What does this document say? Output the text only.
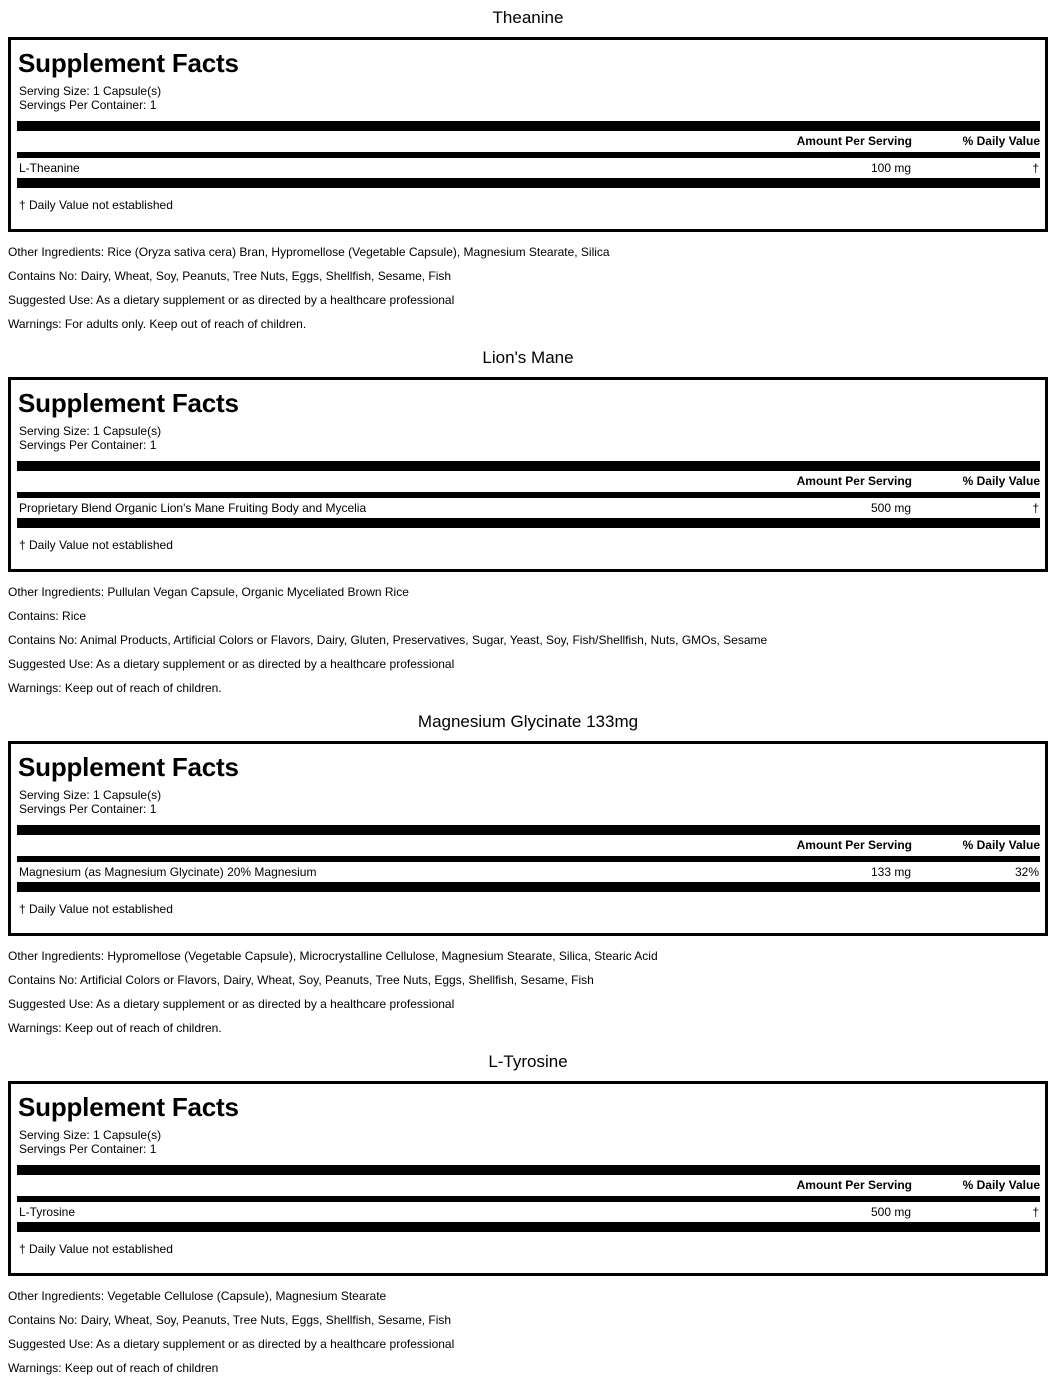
Theanine
Supplement Facts
Serving Size: 1 Capsule(s)
Servings Per Container: 1
	Amount Per Serving	% Daily Value
L-Theanine	100 mg	†
† Daily Value not established
Other Ingredients: Rice (Oryza sativa cera) Bran, Hypromellose (Vegetable Capsule), Magnesium Stearate, Silica
Contains No: Dairy, Wheat, Soy, Peanuts, Tree Nuts, Eggs, Shellfish, Sesame, Fish
Suggested Use: As a dietary supplement or as directed by a healthcare professional
Warnings: For adults only. Keep out of reach of children.
Lion's Mane
Supplement Facts
Serving Size: 1 Capsule(s)
Servings Per Container: 1
	Amount Per Serving	% Daily Value
Proprietary Blend Organic Lion's Mane Fruiting Body and Mycelia	500 mg	†
† Daily Value not established
Other Ingredients: Pullulan Vegan Capsule, Organic Myceliated Brown Rice
Contains: Rice
Contains No: Animal Products, Artificial Colors or Flavors, Dairy, Gluten, Preservatives, Sugar, Yeast, Soy, Fish/Shellfish, Nuts, GMOs, Sesame
Suggested Use: As a dietary supplement or as directed by a healthcare professional
Warnings: Keep out of reach of children.
Magnesium Glycinate 133mg
Supplement Facts
Serving Size: 1 Capsule(s)
Servings Per Container: 1
	Amount Per Serving	% Daily Value
Magnesium (as Magnesium Glycinate) 20% Magnesium	133 mg	32%
† Daily Value not established
Other Ingredients: Hypromellose (Vegetable Capsule), Microcrystalline Cellulose, Magnesium Stearate, Silica, Stearic Acid
Contains No: Artificial Colors or Flavors, Dairy, Wheat, Soy, Peanuts, Tree Nuts, Eggs, Shellfish, Sesame, Fish
Suggested Use: As a dietary supplement or as directed by a healthcare professional
Warnings: Keep out of reach of children.
L-Tyrosine
Supplement Facts
Serving Size: 1 Capsule(s)
Servings Per Container: 1
	Amount Per Serving	% Daily Value
L-Tyrosine	500 mg	†
† Daily Value not established
Other Ingredients: Vegetable Cellulose (Capsule), Magnesium Stearate
Contains No: Dairy, Wheat, Soy, Peanuts, Tree Nuts, Eggs, Shellfish, Sesame, Fish
Suggested Use: As a dietary supplement or as directed by a healthcare professional
Warnings: Keep out of reach of children
